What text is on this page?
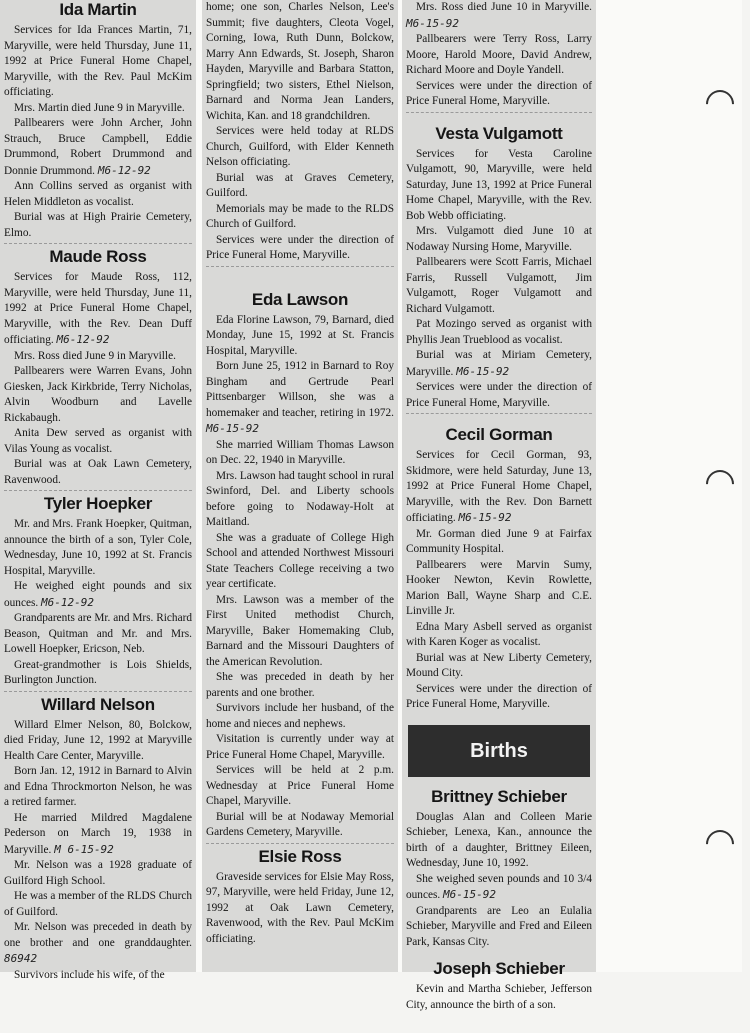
Ida Martin

Services for Ida Frances Martin, 71, Maryville, were held Thursday, June 11, 1992 at Price Funeral Home Chapel, Maryville, with the Rev. Paul McKim officiating.

Mrs. Martin died June 9 in Maryville.

Pallbearers were John Archer, John Strauch, Bruce Campbell, Eddie Drummond, Robert Drummond and Donnie Drummond. M6-12-92

Ann Collins served as organist with Helen Middleton as vocalist.

Burial was at High Prairie Cemetery, Elmo.

Maude Ross

Services for Maude Ross, 112, Maryville, were held Thursday, June 11, 1992 at Price Funeral Home Chapel, Maryville, with the Rev. Dean Duff officiating. M6-12-92

Mrs. Ross died June 9 in Maryville.

Pallbearers were Warren Evans, John Giesken, Jack Kirkbride, Terry Nicholas, Alvin Woodburn and Lavelle Rickabaugh.

Anita Dew served as organist with Vilas Young as vocalist.

Burial was at Oak Lawn Cemetery, Ravenwood.

Tyler Hoepker

Mr. and Mrs. Frank Hoepker, Quitman, announce the birth of a son, Tyler Cole, Wednesday, June 10, 1992 at St. Francis Hospital, Maryville.

He weighed eight pounds and six ounces. M6-12-92

Grandparents are Mr. and Mrs. Richard Beason, Quitman and Mr. and Mrs. Lowell Hoepker, Ericson, Neb.

Great-grandmother is Lois Shields, Burlington Junction.

Willard Nelson

Willard Elmer Nelson, 80, Bolckow, died Friday, June 12, 1992 at Maryville Health Care Center, Maryville.

Born Jan. 12, 1912 in Barnard to Alvin and Edna Throckmorton Nelson, he was a retired farmer.

He married Mildred Magdalene Pederson on March 19, 1938 in Maryville. M 6-15-92

Mr. Nelson was a 1928 graduate of Guilford High School.

He was a member of the RLDS Church of Guilford.

Mr. Nelson was preceded in death by one brother and one granddaughter. 86942

Survivors include his wife, of the

home; one son, Charles Nelson, Lee's Summit; five daughters, Cleota Vogel, Corning, Iowa, Ruth Dunn, Bolckow, Marry Ann Edwards, St. Joseph, Sharon Hayden, Maryville and Barbara Statton, Springfield; two sisters, Ethel Nielson, Barnard and Norma Jean Landers, Wichita, Kan. and 18 grandchildren.

Services were held today at RLDS Church, Guilford, with Elder Kenneth Nelson officiating.

Burial was at Graves Cemetery, Guilford.

Memorials may be made to the RLDS Church of Guilford.

Services were under the direction of Price Funeral Home, Maryville.

Eda Lawson

Eda Florine Lawson, 79, Barnard, died Monday, June 15, 1992 at St. Francis Hospital, Maryville.

Born June 25, 1912 in Barnard to Roy Bingham and Gertrude Pearl Pittsenbarger Willson, she was a homemaker and teacher, retiring in 1972. M6-15-92

She married William Thomas Lawson on Dec. 22, 1940 in Maryville.

Mrs. Lawson had taught school in rural Swinford, Del. and Liberty schools before going to Nodaway-Holt at Maitland.

She was a graduate of College High School and attended Northwest Missouri State Teachers College receiving a two year certificate.

Mrs. Lawson was a member of the First United methodist Church, Maryville, Baker Homemaking Club, Barnard and the Missouri Daughters of the American Revolution.

She was preceded in death by her parents and one brother.

Survivors include her husband, of the home and nieces and nephews.

Visitation is currently under way at Price Funeral Home Chapel, Maryville.

Services will be held at 2 p.m. Wednesday at Price Funeral Home Chapel, Maryville.

Burial will be at Nodaway Memorial Gardens Cemetery, Maryville.

Elsie Ross

Graveside services for Elsie May Ross, 97, Maryville, were held Friday, June 12, 1992 at Oak Lawn Cemetery, Ravenwood, with the Rev. Paul McKim officiating.

Mrs. Ross died June 10 in Maryville. M6-15-92

Pallbearers were Terry Ross, Larry Moore, Harold Moore, David Andrew, Richard Moore and Doyle Yandell.

Services were under the direction of Price Funeral Home, Maryville.

Vesta Vulgamott

Services for Vesta Caroline Vulgamott, 90, Maryville, were held Saturday, June 13, 1992 at Price Funeral Home Chapel, Maryville, with the Rev. Bob Webb officiating.

Mrs. Vulgamott died June 10 at Nodaway Nursing Home, Maryville.

Pallbearers were Scott Farris, Michael Farris, Russell Vulgamott, Jim Vulgamott, Roger Vulgamott and Richard Vulgamott.

Pat Mozingo served as organist with Phyllis Jean Trueblood as vocalist.

Burial was at Miriam Cemetery, Maryville. M6-15-92

Services were under the direction of Price Funeral Home, Maryville.

Cecil Gorman

Services for Cecil Gorman, 93, Skidmore, were held Saturday, June 13, 1992 at Price Funeral Home Chapel, Maryville, with the Rev. Don Barnett officiating. M6-15-92

Mr. Gorman died June 9 at Fairfax Community Hospital.

Pallbearers were Marvin Sumy, Hooker Newton, Kevin Rowlette, Marion Ball, Wayne Sharp and C.E. Linville Jr.

Edna Mary Asbell served as organist with Karen Koger as vocalist.

Burial was at New Liberty Cemetery, Mound City.

Services were under the direction of Price Funeral Home, Maryville.

Births
Brittney Schieber

Douglas Alan and Colleen Marie Schieber, Lenexa, Kan., announce the birth of a daughter, Brittney Eileen, Wednesday, June 10, 1992.

She weighed seven pounds and 10 3/4 ounces. M6-15-92

Grandparents are Leo an Eulalia Schieber, Maryville and Fred and Eileen Park, Kansas City.

Joseph Schieber

Kevin and Martha Schieber, Jefferson City, announce the birth of a son.
